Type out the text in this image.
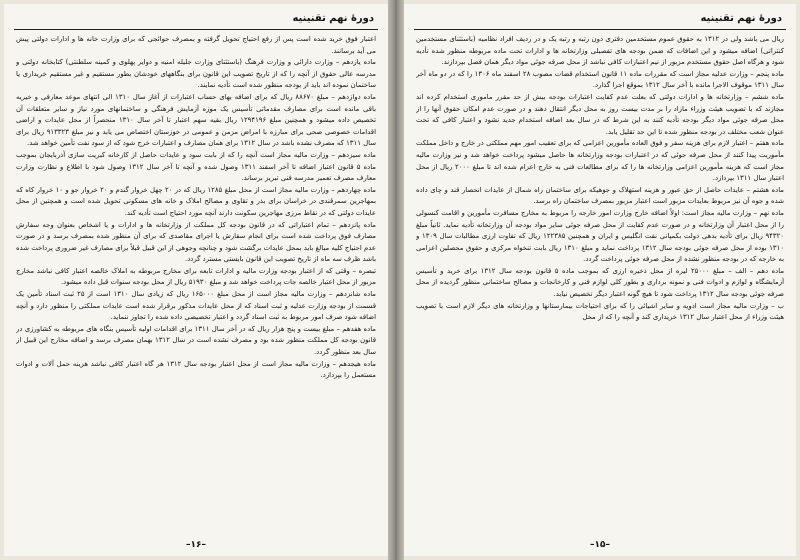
دورهٔ نهم تقنینیه

اعتبار فوق خرید شده است پس از رفع احتیاج تحویل گرفته و بمصرف حوائجی که برای وزارت خانه ها و ادارات دولتی پیش می آید برسانند.

ماده یازدهم – وزارت دارائی و وزارت فرهنگ (باستثنای وزارت جلیله امنیه و دوایر پهلوی و کمینه سلطنتی) کتابخانه دولتی و مدرسه عالی حقوق از آنچه را که از تاریخ تصویب این قانون برای بنگاههای خودشان بطور مستقیم و غیر مستقیم خریداری یا ساختمان نموده اند باید از بودجه منظور شده است تأدیه نمایند.

ماده دوازدهم – مبلغ ۸۸۶۷۰ ریال که برای اضافه بهای حساب اعتبارات از آغاز سال ۱۳۱۰ الی انتهای موعد معارفی و خیریه باقی مانده است برای مصارف مقدماتی تأسیس یک موزه آزمایش فرهنگی و ساختمانهای مورد نیاز و سایر متعلقات آن تخصیص داده میشود و همچنین مبلغ ۱۲۹۴۱۹۶ ریال بقیه سهم اعتبار تا آخر سال ۱۳۱۰ منحصراً از محل عایدات و اراضی اقدامات خصوصی صحی برای مبارزه با امراض مزمن و عمومی در خوزستان اختصاص می یابد و نیز مبلغ ۹۱۳۳۲۳ ریال برای سال ۱۳۱۱ که مصرف نشده باشد در سال ۱۳۱۲ برای همان مصارف و اعتبارات خرج شود که از سود نفت تأمین خواهد شد.

ماده سیزدهم – وزارت مالیه مجاز است آنچه را که از بابت سود و عایدات حاصل از کارخانه کبریت سازی آذربایجان بموجب ماده ۵ قانون اعتبار اضافه تا آخر اسفند ۱۳۱۱ وصول شده و آنچه تا آخر سال ۱۳۱۲ وصول شود با اطلاع و نظارت وزارت معارف مصرف تعمیر مدرسه فنی تبریز برساند.

ماده چهاردهم – وزارت مالیه مجاز است از محل مبلغ ۱۲۸۵ ریال که در ۲۰ چهل خروار گندم و ۲۰ خروار جو و ۱۰ خروار کاه که بمهاجرین سمرقندی در خراسان برای بذر و تقاوی و مصالح املاک و خانه های مسکونی تحویل شده است و همچنین از محل عایدات دولتی که در نقاط مرزی مهاجرین سکونت دارند آنچه مورد احتیاج است تأدیه کند.

ماده پانزدهم – تمام اعتباراتی که در قانون بودجه کل مملکت از وزارتخانه ها و ادارات و یا اشخاص بعنوان وجه سفارش مصارف فوق پرداخت شده است برای انجام سفارش یا اجرای مقاصدی که برای آن منظور شده بمصرف برسد و در صورت عدم احتیاج کلیه مبالغ باید بمحل عایدات برگشت شود و چنانچه وجوهی از این قبیل قبلاً برای مصارف غیر ضروری پرداخت شده باشد ظرف سه ماه از تاریخ تصویب این قانون بایستی مسترد گردد.

تبصره – وقتی که از اعتبار بودجه وزارت مالیه و ادارات تابعه برای مخارج مربوطه به املاک خالصه اعتبار کافی نباشد مخارج مزبور از محل اعتبار خالصه جات پرداخت خواهد شد و مبلغ ۵۱۹۳۰ ریال از محل بودجه سنوات قبل داده میشود.

ماده شانزدهم – وزارت مالیه مجاز است از محل مبلغ ۱۶۵۰۰۰ ریال که زیادی سال ۱۳۱۰ است از ۲۵ ثبت اسناد تأمین یک قسمت از بودجه وزارت عدلیه و ثبت اسناد که از محل عایدات مذکور برقرار شده است عایدات مملکتی را منظور دارد و آنچه اضافه شود صرف امور مربوط به ثبت اسناد گردد و اعتبار تخصیصی داده شده را تجاوز ننماید.

ماده هفدهم – مبلغ بیست و پنج هزار ریال که در آخر سال ۱۳۱۱ برای اقدامات اولیه تأسیس بنگاه های مربوطه به کشاورزی در قانون بودجه کل مملکت منظور شده بود و مصرف نشده است در سال ۱۳۱۲ بهمان مصرف برسد و اضافه مخارج این قبیل از سال بعد منظور گردد.

ماده هیجدهم – وزارت مالیه مجاز است از محل اعتبار بودجه سال ۱۳۱۲ هر گاه اعتبار کافی نباشد هزینه حمل آلات و ادوات مستعمل را بپردازد.

–۱۶–
دورهٔ نهم تقنینیه

ریال می باشد ولی در ۱۳۱۲ به حقوق عموم مستخدمین دفتری دون رتبه و رتبه یک و در ردیف افراد نظامیه (باستثنای مستخدمین کنتراتی) اضافه میشود و این اضافات که ضمن بودجه های تفصیلی وزارتخانه ها و ادارات تحت ماده مربوطه منظور شده تأدیه شود و هرگاه اصل حقوق مستخدم مزبور از نیم اعتبارات کافی نباشد از محل صرفه جوئی مواد دیگر همان فصل بپردازند.

ماده پنجم – وزارت عدلیه مجاز است که مقررات ماده ۱۱ قانون استخدام قضات مصوب ۲۸ اسفند ماه ۱۳۰۶ را که در دو ماه آخر سال ۱۳۱۱ موقوف الاجرا مانده با آخر سال ۱۳۱۲ بموقع اجرا گذارد.

ماده ششم – وزارتخانه ها و ادارات دولتی که بعلت عدم کفایت اعتبارات بودجه بیش از حد مقرر ماموری استخدام کرده اند مجازند که با تصویب هیئت وزراء مازاد را بر مدت بیست روز به محل دیگر انتقال دهند و در صورت عدم امکان حقوق آنها را از محل صرفه جوئی مواد دیگر بودجه تأدیه کنند به این شرط که در سال بعد اضافه استخدام جدید نشود و اعتبار کافی که تحت عنوان شعب مختلف در بودجه منظور شده تا این حد تقلیل یابد.

ماده هفتم – اعتبار لازم برای هزینه سفر و فوق العاده مأمورین اعزامی که برای تعقیب امور مهم مملکتی در خارج و داخل مملکت مأموریت پیدا کنند از محل صرفه جوئی که در اعتبارات بودجه وزارتخانه ها حاصل میشود پرداخت خواهد شد و نیز وزارت مالیه مجاز است که هزینه مأمورین اعزامی وزارتخانه ها را که برای مطالعات فنی به خارج اعزام شده اند تا مبلغ ۲۰۰۰ ریال از محل اعتبار سال ۱۳۱۱ بپردازد.

ماده هشتم – عایدات حاصل از حق عبور و هزینه استهلاک و جوهیکه برای ساختمان راه شمال از عایدات انحصار قند و چای داده شده و جوه آن نیز مربوط بعایدات مزبور است اعتبار مزبور بمصرف ساختمان راه برسد.

ماده نهم – وزارت مالیه مجاز است: اولاً اضافه خارج وزارت امور خارجه را مربوط به مخارج مسافرت مأمورین و اقامت کنسولی را از محل اعتبار آن وزارتخانه و در صورت عدم کفایت از محل صرفه جوئی سایر مواد بودجه آن وزارتخانه تأدیه نماید. ثانیاً مبلغ ۹۴۳۲۰ ریال برای تأدیه بدهی دولت بکمپانی نفت انگلیس و ایران و همچنین ۱۲۲۳۸۵ ریال که تفاوت ارزی مطالبات سال ۱۳۰۹ و ۱۳۱۰ بوده از محل صرفه جوئی بودجه سال ۱۳۱۲ پرداخت نماید و مبلغ ۱۳۱۰ ریال بابت تنخواه مرکزی و حقوق محصلین اعزامی به خارجه که در بودجه منظور نشده از محل صرفه جوئی پرداخت گردد.

ماده دهم – الف – مبلغ ۲۵۰۰۰ لیره از محل ذخیره ارزی که بموجب ماده ۵ قانون بودجه سال ۱۳۱۲ برای خرید و تأسیس آزمایشگاه و لوازم و ادوات فنی و نمونه برداری و بطور کلی لوازم فنی و کارخانجات و مصالح ساختمانی منظور گردیده از محل صرفه جوئی بودجه سال ۱۳۱۲ پرداخت شود تا هیچ گونه اعتبار دیگر تخصیص نیابد.

ب – وزارت مالیه مجاز است ادویه و سایر اشیائی را که برای احتیاجات بیمارستانها و وزارتخانه های دیگر لازم است با تصویب هیئت وزراء از محل اعتبار سال ۱۳۱۲ خریداری کند و آنچه را که از محل

–۱۵–
